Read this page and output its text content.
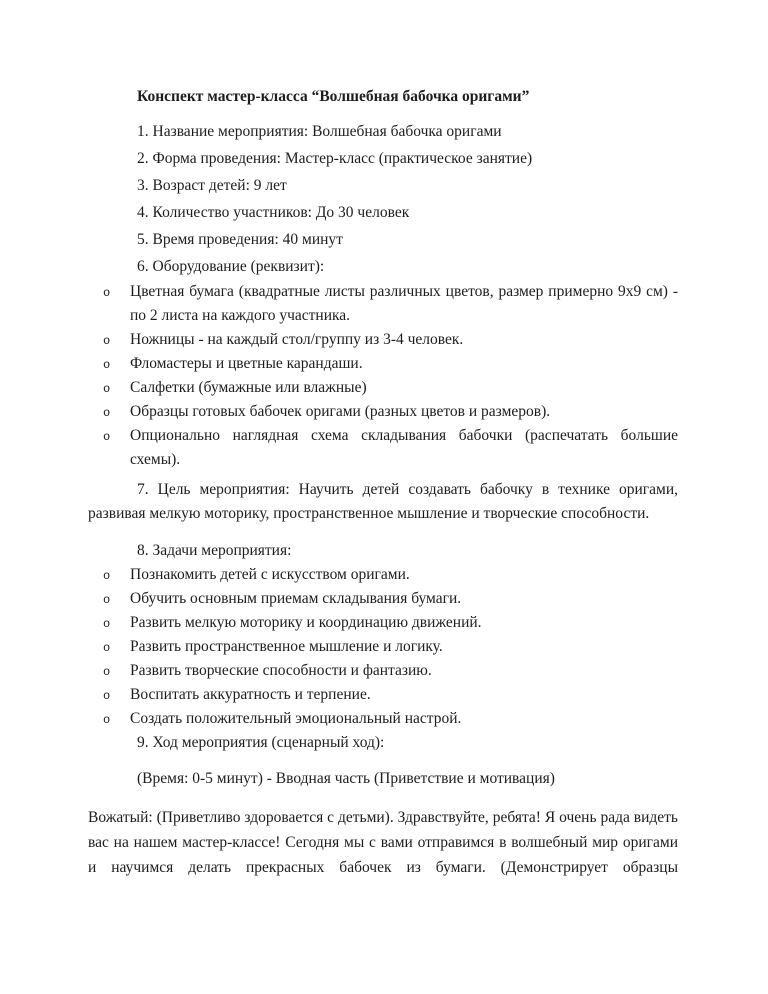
Конспект мастер-класса “Волшебная бабочка оригами”

1. Название мероприятия: Волшебная бабочка оригами

2. Форма проведения: Мастер-класс (практическое занятие)

3. Возраст детей: 9 лет

4. Количество участников: До 30 человек

5. Время проведения: 40 минут

6. Оборудование (реквизит):

o Цветная бумага (квадратные листы различных цветов, размер примерно 9х9 см) - по 2 листа на каждого участника.
o Ножницы - на каждый стол/группу из 3-4 человек.
o Фломастеры и цветные карандаши.
o Салфетки (бумажные или влажные)
o Образцы готовых бабочек оригами (разных цветов и размеров).
o Опционально наглядная схема складывания бабочки (распечатать большие схемы).

7. Цель мероприятия: Научить детей создавать бабочку в технике оригами, развивая мелкую моторику, пространственное мышление и творческие способности.

8. Задачи мероприятия:

o Познакомить детей с искусством оригами.
o Обучить основным приемам складывания бумаги.
o Развить мелкую моторику и координацию движений.
o Развить пространственное мышление и логику.
o Развить творческие способности и фантазию.
o Воспитать аккуратность и терпение.
o Создать положительный эмоциональный настрой.

9. Ход мероприятия (сценарный ход):

(Время: 0-5 минут) - Вводная часть (Приветствие и мотивация)

Вожатый: (Приветливо здоровается с детьми). Здравствуйте, ребята! Я очень рада видеть вас на нашем мастер-классе! Сегодня мы с вами отправимся в волшебный мир оригами и научимся делать прекрасных бабочек из бумаги. (Демонстрирует образцы
